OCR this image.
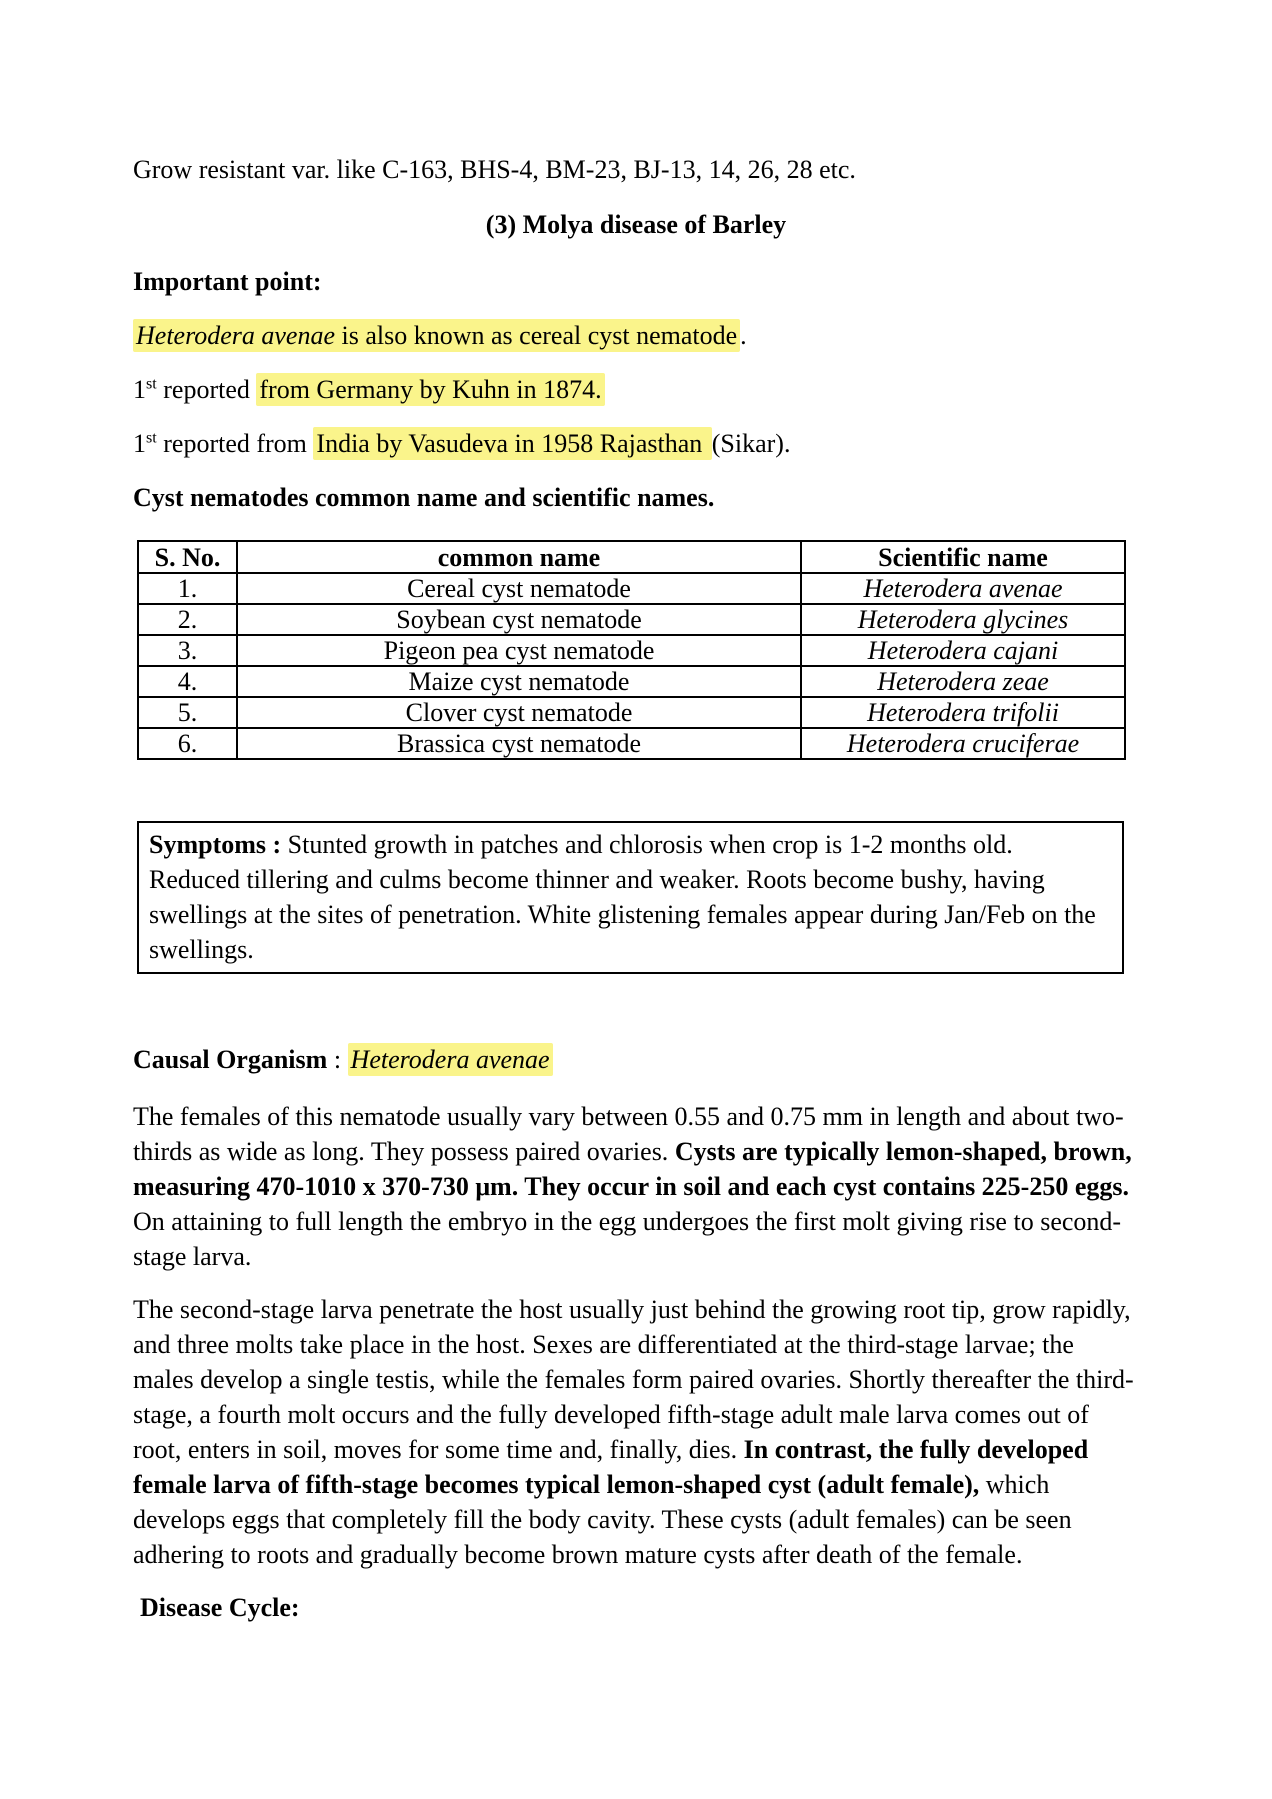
Grow resistant var. like C-163, BHS-4, BM-23, BJ-13, 14, 26, 28 etc.

(3) Molya disease of Barley

Important point:

Heterodera avenae is also known as cereal cyst nematode .

1st reported from Germany by Kuhn in 1874.

1st reported from India by Vasudeva in 1958 Rajasthan (Sikar).

Cyst nematodes common name and scientific names.

S. No.	common name	Scientific name
1.	Cereal cyst nematode	Heterodera avenae
2.	Soybean cyst nematode	Heterodera glycines
3.	Pigeon pea cyst nematode	Heterodera cajani
4.	Maize cyst nematode	Heterodera zeae
5.	Clover cyst nematode	Heterodera trifolii
6.	Brassica cyst nematode	Heterodera cruciferae
Symptoms : Stunted growth in patches and chlorosis when crop is 1-2 months old. Reduced tillering and culms become thinner and weaker. Roots become bushy, having swellings at the sites of penetration. White glistening females appear during Jan/Feb on the swellings.

Causal Organism : Heterodera avenae

The females of this nematode usually vary between 0.55 and 0.75 mm in length and about two-thirds as wide as long. They possess paired ovaries. Cysts are typically lemon-shaped, brown, measuring 470-1010 x 370-730 μm. They occur in soil and each cyst contains 225-250 eggs. On attaining to full length the embryo in the egg undergoes the first molt giving rise to second-stage larva.

The second-stage larva penetrate the host usually just behind the growing root tip, grow rapidly, and three molts take place in the host. Sexes are differentiated at the third-stage larvae; the males develop a single testis, while the females form paired ovaries. Shortly thereafter the third-stage, a fourth molt occurs and the fully developed fifth-stage adult male larva comes out of root, enters in soil, moves for some time and, finally, dies. In contrast, the fully developed female larva of fifth-stage becomes typical lemon-shaped cyst (adult female), which develops eggs that completely fill the body cavity. These cysts (adult females) can be seen adhering to roots and gradually become brown mature cysts after death of the female.

Disease Cycle:
